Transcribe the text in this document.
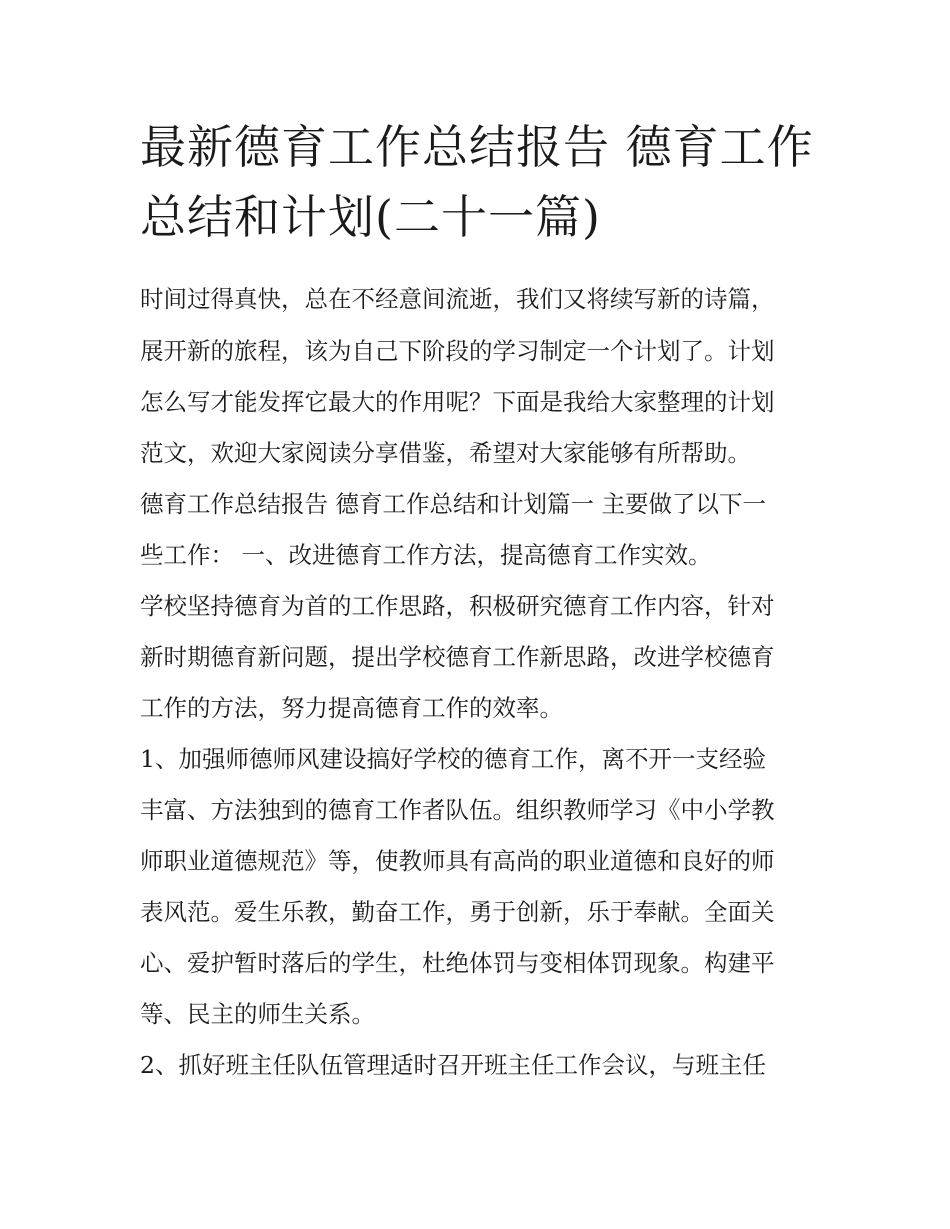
最新德育工作总结报告 德育工作总结和计划(二十一篇)

时间过得真快，总在不经意间流逝，我们又将续写新的诗篇，

展开新的旅程，该为自己下阶段的学习制定一个计划了。计划

怎么写才能发挥它最大的作用呢？下面是我给大家整理的计划

范文，欢迎大家阅读分享借鉴，希望对大家能够有所帮助。

德育工作总结报告 德育工作总结和计划篇一 主要做了以下一

些工作： 一、改进德育工作方法，提高德育工作实效。

学校坚持德育为首的工作思路，积极研究德育工作内容，针对

新时期德育新问题，提出学校德育工作新思路，改进学校德育

工作的方法，努力提高德育工作的效率。

1、加强师德师风建设搞好学校的德育工作，离不开一支经验

丰富、方法独到的德育工作者队伍。组织教师学习《中小学教

师职业道德规范》等，使教师具有高尚的职业道德和良好的师

表风范。爱生乐教，勤奋工作，勇于创新，乐于奉献。全面关

心、爱护暂时落后的学生，杜绝体罚与变相体罚现象。构建平

等、民主的师生关系。

2、抓好班主任队伍管理适时召开班主任工作会议，与班主任
